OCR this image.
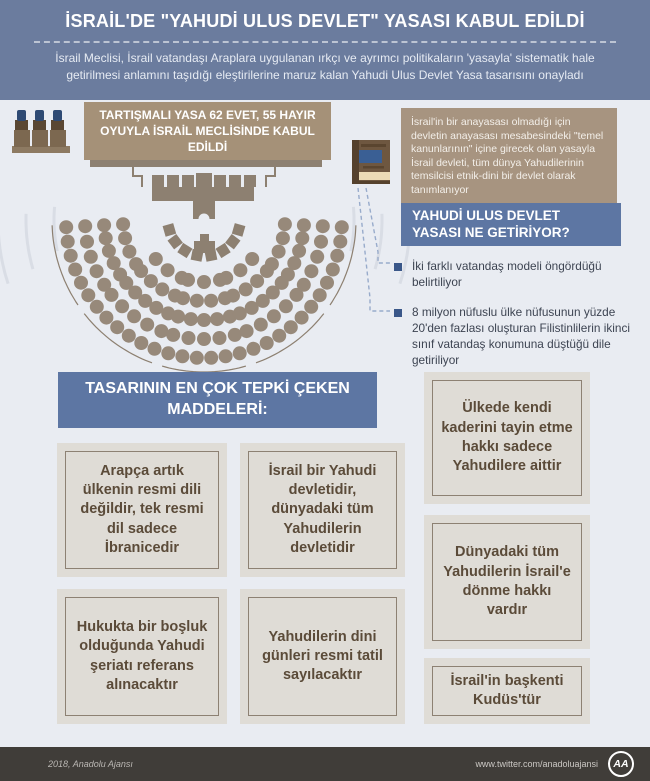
İSRAİL'DE "YAHUDİ ULUS DEVLET" YASASI KABUL EDİLDİ

İsrail Meclisi, İsrail vatandaşı Araplara uygulanan ırkçı ve ayrımcı politikaların 'yasayla' sistematik hale getirilmesi anlamını taşıdığı eleştirilerine maruz kalan Yahudi Ulus Devlet Yasa tasarısını onayladı

TARTIŞMALI YASA 62 EVET, 55 HAYIR OYUYLA İSRAİL MECLİSİNDE KABUL EDİLDİ
İsrail'in bir anayasası olmadığı için devletin anayasası mesabesindeki "temel kanunlarının" içine girecek olan yasayla İsrail devleti, tüm dünya Yahudilerinin temsilcisi etnik-dini bir devlet olarak tanımlanıyor
YAHUDİ ULUS DEVLET YASASI NE GETİRİYOR?

İki farklı vatandaş modeli öngördüğü belirtiliyor

8 milyon nüfuslu ülke nüfusunun yüzde 20'den fazlası oluşturan Filistinlilerin ikinci sınıf vatandaş konumuna düştüğü dile getiriliyor

TASARININ EN ÇOK TEPKİ ÇEKEN MADDELERİ:

Arapça artık ülkenin resmi dili değildir, tek resmi dil sadece İbranicedir

İsrail bir Yahudi devletidir, dünyadaki tüm Yahudilerin devletidir

Hukukta bir boşluk olduğunda Yahudi şeriatı referans alınacaktır

Yahudilerin dini günleri resmi tatil sayılacaktır

Ülkede kendi kaderini tayin etme hakkı sadece Yahudilere aittir

Dünyadaki tüm Yahudilerin İsrail'e dönme hakkı vardır

İsrail'in başkenti Kudüs'tür

2018, Anadolu Ajansı	www.twitter.com/anadoluajansi	AA
